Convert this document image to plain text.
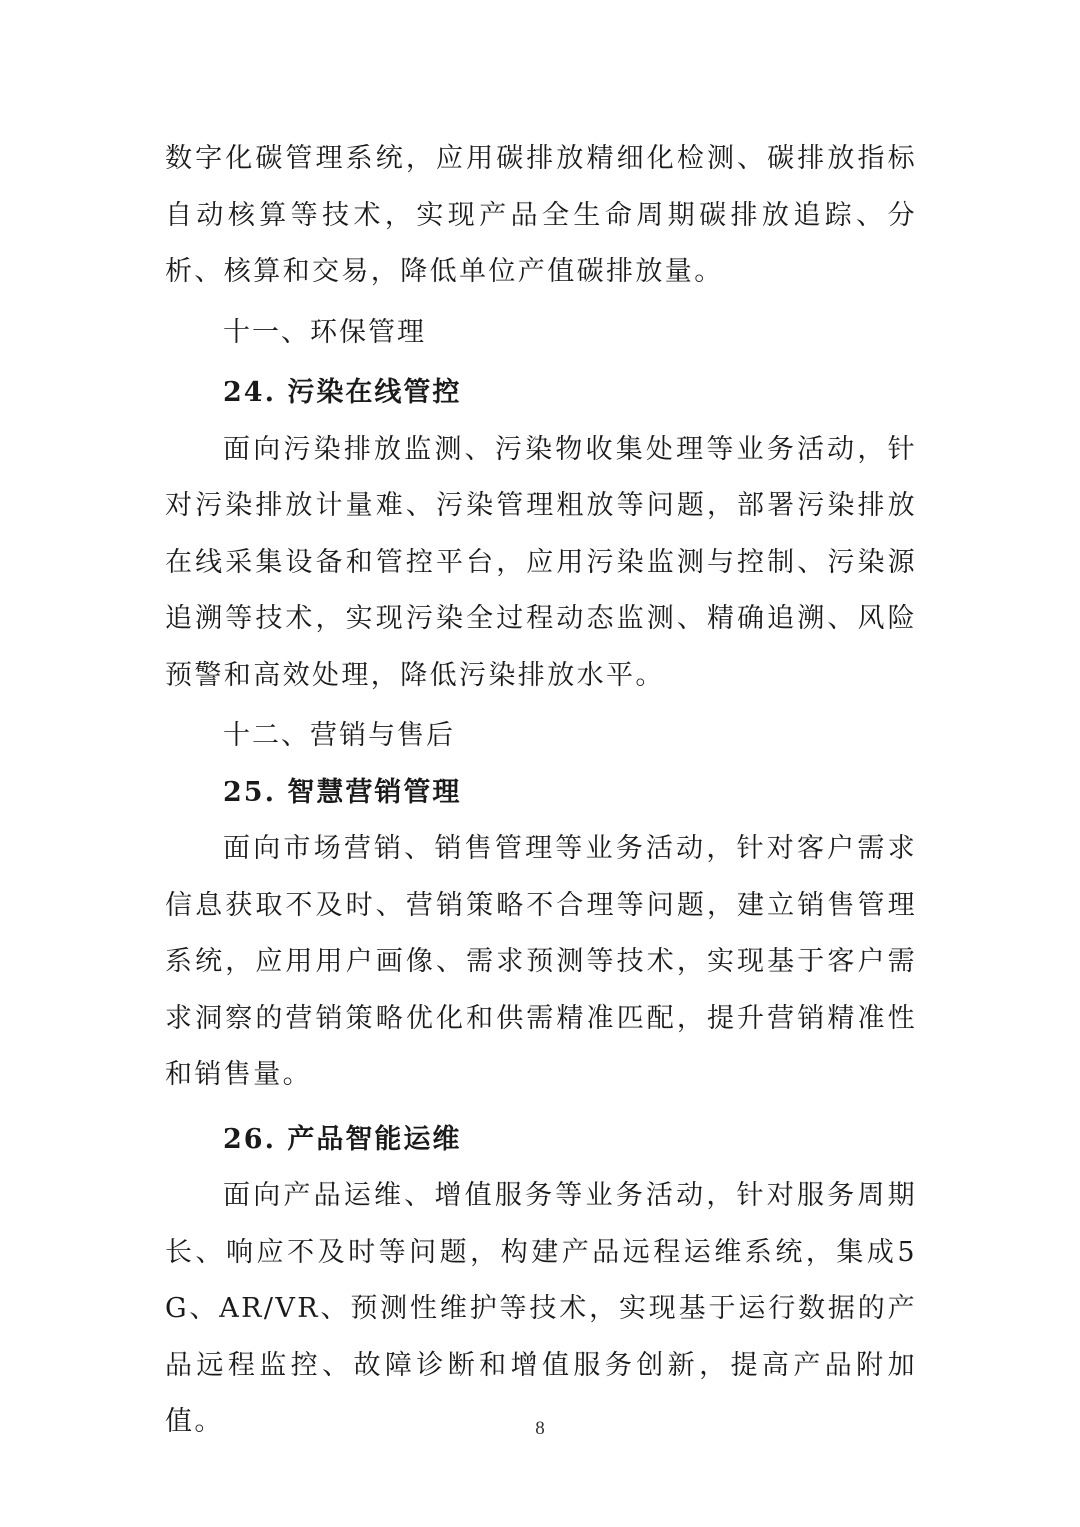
数字化碳管理系统，应用碳排放精细化检测、碳排放指标自动核算等技术，实现产品全生命周期碳排放追踪、分析、核算和交易，降低单位产值碳排放量。

十一、环保管理
24. 污染在线管控

面向污染排放监测、污染物收集处理等业务活动，针对污染排放计量难、污染管理粗放等问题，部署污染排放在线采集设备和管控平台，应用污染监测与控制、污染源追溯等技术，实现污染全过程动态监测、精确追溯、风险预警和高效处理，降低污染排放水平。

十二、营销与售后
25. 智慧营销管理

面向市场营销、销售管理等业务活动，针对客户需求信息获取不及时、营销策略不合理等问题，建立销售管理系统，应用用户画像、需求预测等技术，实现基于客户需求洞察的营销策略优化和供需精准匹配，提升营销精准性和销售量。

26. 产品智能运维

面向产品运维、增值服务等业务活动，针对服务周期长、响应不及时等问题，构建产品远程运维系统，集成5G、AR/VR、预测性维护等技术，实现基于运行数据的产品远程监控、故障诊断和增值服务创新，提高产品附加值。	8
